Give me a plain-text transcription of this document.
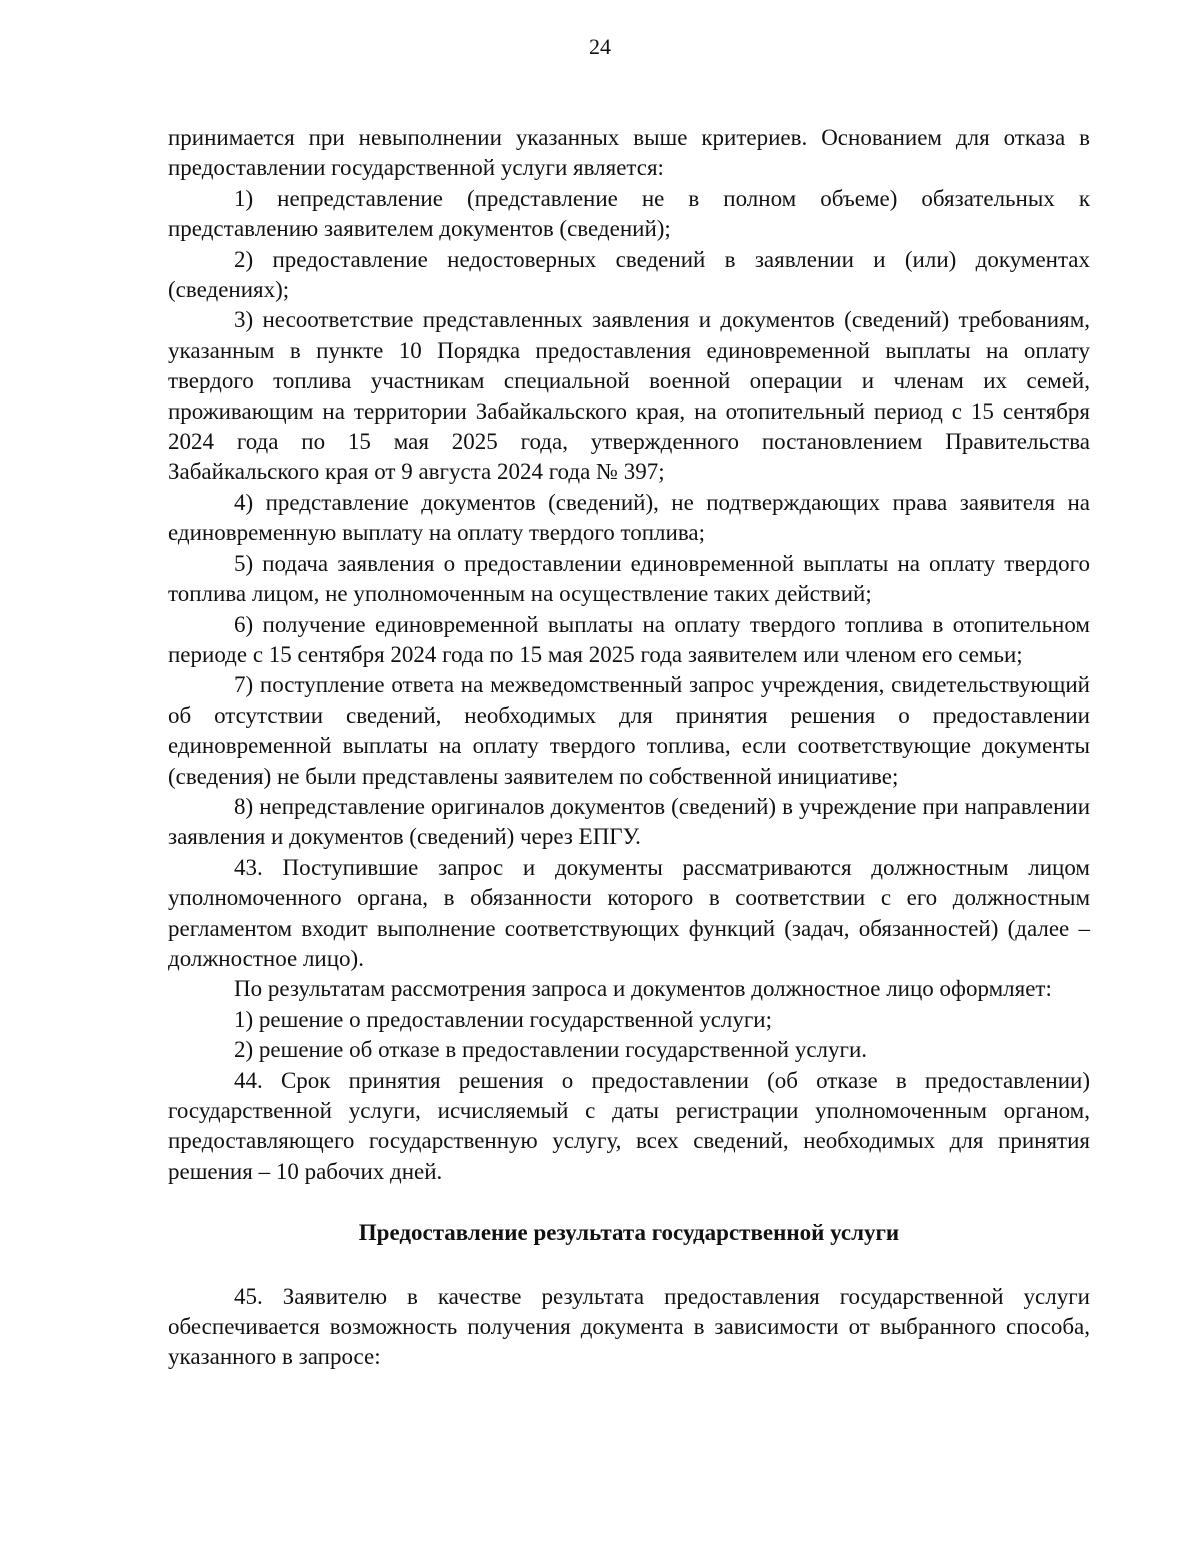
24

принимается при невыполнении указанных выше критериев. Основанием для отказа в предоставлении государственной услуги является:

1) непредставление (представление не в полном объеме) обязательных к представлению заявителем документов (сведений);

2) предоставление недостоверных сведений в заявлении и (или) документах (сведениях);

3) несоответствие представленных заявления и документов (сведений) требованиям, указанным в пункте 10 Порядка предоставления единовременной выплаты на оплату твердого топлива участникам специальной военной операции и членам их семей, проживающим на территории Забайкальского края, на отопительный период с 15 сентября 2024 года по 15 мая 2025 года, утвержденного постановлением Правительства Забайкальского края от 9 августа 2024 года № 397;

4) представление документов (сведений), не подтверждающих права заявителя на единовременную выплату на оплату твердого топлива;

5) подача заявления о предоставлении единовременной выплаты на оплату твердого топлива лицом, не уполномоченным на осуществление таких действий;

6) получение единовременной выплаты на оплату твердого топлива в отопительном периоде с 15 сентября 2024 года по 15 мая 2025 года заявителем или членом его семьи;

7) поступление ответа на межведомственный запрос учреждения, свидетельствующий об отсутствии сведений, необходимых для принятия решения о предоставлении единовременной выплаты на оплату твердого топлива, если соответствующие документы (сведения) не были представлены заявителем по собственной инициативе;

8) непредставление оригиналов документов (сведений) в учреждение при направлении заявления и документов (сведений) через ЕПГУ.

43. Поступившие запрос и документы рассматриваются должностным лицом уполномоченного органа, в обязанности которого в соответствии с его должностным регламентом входит выполнение соответствующих функций (задач, обязанностей) (далее – должностное лицо).

По результатам рассмотрения запроса и документов должностное лицо оформляет:

1) решение о предоставлении государственной услуги;

2) решение об отказе в предоставлении государственной услуги.

44. Срок принятия решения о предоставлении (об отказе в предоставлении) государственной услуги, исчисляемый с даты регистрации уполномоченным органом, предоставляющего государственную услугу, всех сведений, необходимых для принятия решения – 10 рабочих дней.

Предоставление результата государственной услуги

45. Заявителю в качестве результата предоставления государственной услуги обеспечивается возможность получения документа в зависимости от выбранного способа, указанного в запросе:
